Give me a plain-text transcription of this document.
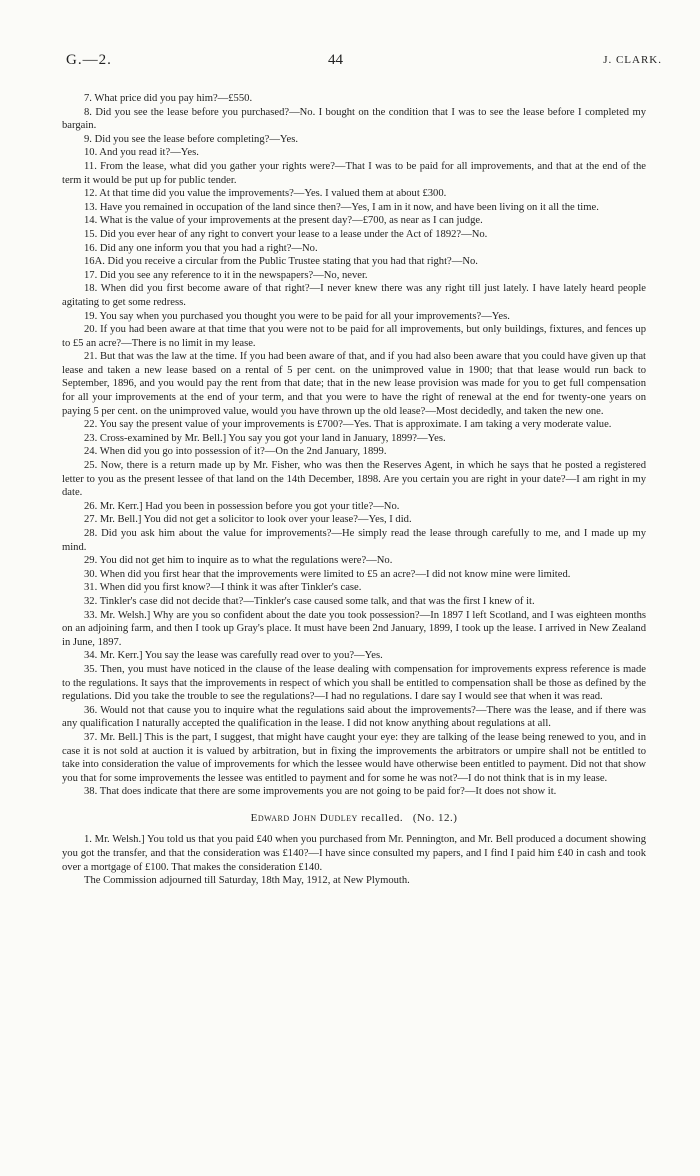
G.—2.	44	J. CLARK.

7. What price did you pay him?—£550.

8. Did you see the lease before you purchased?—No. I bought on the condition that I was to see the lease before I completed my bargain.

9. Did you see the lease before completing?—Yes.

10. And you read it?—Yes.

11. From the lease, what did you gather your rights were?—That I was to be paid for all improvements, and that at the end of the term it would be put up for public tender.

12. At that time did you value the improvements?—Yes. I valued them at about £300.

13. Have you remained in occupation of the land since then?—Yes, I am in it now, and have been living on it all the time.

14. What is the value of your improvements at the present day?—£700, as near as I can judge.

15. Did you ever hear of any right to convert your lease to a lease under the Act of 1892?—No.

16. Did any one inform you that you had a right?—No.

16A. Did you receive a circular from the Public Trustee stating that you had that right?—No.

17. Did you see any reference to it in the newspapers?—No, never.

18. When did you first become aware of that right?—I never knew there was any right till just lately. I have lately heard people agitating to get some redress.

19. You say when you purchased you thought you were to be paid for all your improvements?—Yes.

20. If you had been aware at that time that you were not to be paid for all improvements, but only buildings, fixtures, and fences up to £5 an acre?—There is no limit in my lease.

21. But that was the law at the time. If you had been aware of that, and if you had also been aware that you could have given up that lease and taken a new lease based on a rental of 5 per cent. on the unimproved value in 1900; that that lease would run back to September, 1896, and you would pay the rent from that date; that in the new lease provision was made for you to get full compensation for all your improvements at the end of your term, and that you were to have the right of renewal at the end for twenty-one years on paying 5 per cent. on the unimproved value, would you have thrown up the old lease?—Most decidedly, and taken the new one.

22. You say the present value of your improvements is £700?—Yes. That is approximate. I am taking a very moderate value.

23. Cross-examined by Mr. Bell.] You say you got your land in January, 1899?—Yes.

24. When did you go into possession of it?—On the 2nd January, 1899.

25. Now, there is a return made up by Mr. Fisher, who was then the Reserves Agent, in which he says that he posted a registered letter to you as the present lessee of that land on the 14th December, 1898. Are you certain you are right in your date?—I am right in my date.

26. Mr. Kerr.] Had you been in possession before you got your title?—No.

27. Mr. Bell.] You did not get a solicitor to look over your lease?—Yes, I did.

28. Did you ask him about the value for improvements?—He simply read the lease through carefully to me, and I made up my mind.

29. You did not get him to inquire as to what the regulations were?—No.

30. When did you first hear that the improvements were limited to £5 an acre?—I did not know mine were limited.

31. When did you first know?—I think it was after Tinkler's case.

32. Tinkler's case did not decide that?—Tinkler's case caused some talk, and that was the first I knew of it.

33. Mr. Welsh.] Why are you so confident about the date you took possession?—In 1897 I left Scotland, and I was eighteen months on an adjoining farm, and then I took up Gray's place. It must have been 2nd January, 1899, I took up the lease. I arrived in New Zealand in June, 1897.

34. Mr. Kerr.] You say the lease was carefully read over to you?—Yes.

35. Then, you must have noticed in the clause of the lease dealing with compensation for improvements express reference is made to the regulations. It says that the improvements in respect of which you shall be entitled to compensation shall be those as defined by the regulations. Did you take the trouble to see the regulations?—I had no regulations. I dare say I would see that when it was read.

36. Would not that cause you to inquire what the regulations said about the improvements?—There was the lease, and if there was any qualification I naturally accepted the qualification in the lease. I did not know anything about regulations at all.

37. Mr. Bell.] This is the part, I suggest, that might have caught your eye: they are talking of the lease being renewed to you, and in case it is not sold at auction it is valued by arbitration, but in fixing the improvements the arbitrators or umpire shall not be entitled to take into consideration the value of improvements for which the lessee would have otherwise been entitled to payment. Did not that show you that for some improvements the lessee was entitled to payment and for some he was not?—I do not think that is in my lease.

38. That does indicate that there are some improvements you are not going to be paid for?—It does not show it.

Edward John Dudley recalled. (No. 12.)

1. Mr. Welsh.] You told us that you paid £40 when you purchased from Mr. Pennington, and Mr. Bell produced a document showing you got the transfer, and that the consideration was £140?—I have since consulted my papers, and I find I paid him £40 in cash and took over a mortgage of £100. That makes the consideration £140.

The Commission adjourned till Saturday, 18th May, 1912, at New Plymouth.
